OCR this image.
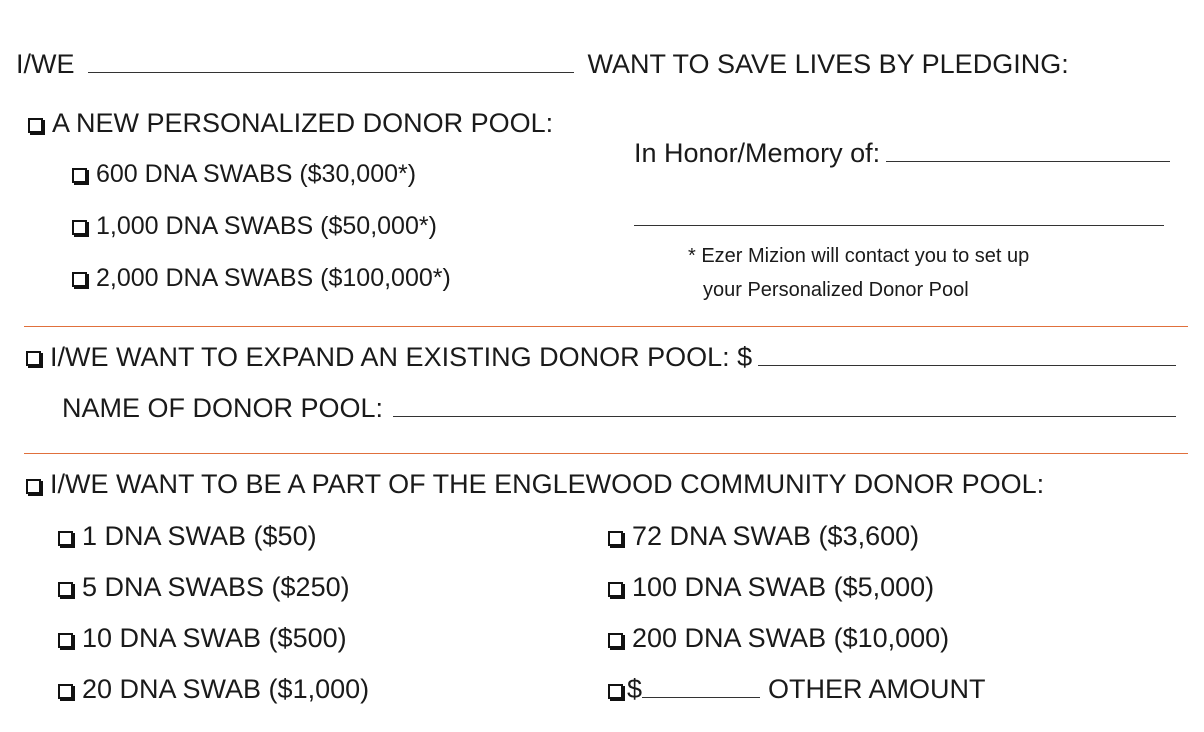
I/WE	WANT TO SAVE LIVES BY PLEDGING:
A NEW PERSONALIZED DONOR POOL:
600 DNA SWABS ($30,000*)
1,000 DNA SWABS ($50,000*)
2,000 DNA SWABS ($100,000*)
In Honor/Memory of:
* Ezer Mizion will contact you to set up
your Personalized Donor Pool
I/WE WANT TO EXPAND AN EXISTING DONOR POOL: $
NAME OF DONOR POOL:
I/WE WANT TO BE A PART OF THE ENGLEWOOD COMMUNITY DONOR POOL:
1 DNA SWAB ($50)
5 DNA SWABS ($250)
10 DNA SWAB ($500)
20 DNA SWAB ($1,000)
72 DNA SWAB ($3,600)
100 DNA SWAB ($5,000)
200 DNA SWAB ($10,000)
$	OTHER AMOUNT
